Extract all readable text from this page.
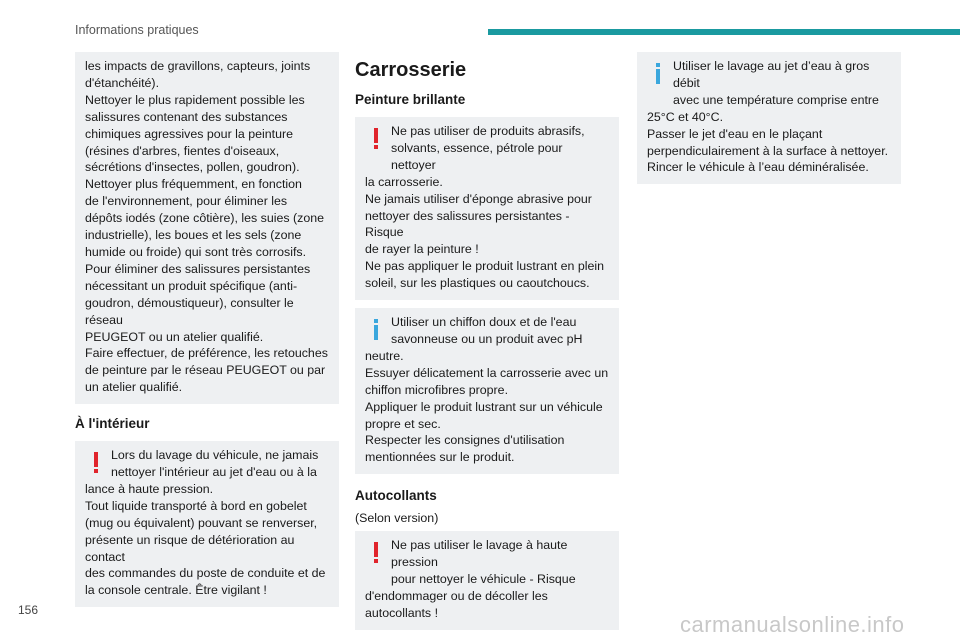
Informations pratiques

les impacts de gravillons, capteurs, joints
d'étanchéité).
Nettoyer le plus rapidement possible les
salissures contenant des substances
chimiques agressives pour la peinture
(résines d'arbres, fientes d'oiseaux,
sécrétions d'insectes, pollen, goudron).
Nettoyer plus fréquemment, en fonction
de l'environnement, pour éliminer les
dépôts iodés (zone côtière), les suies (zone
industrielle), les boues et les sels (zone
humide ou froide) qui sont très corrosifs.
Pour éliminer des salissures persistantes
nécessitant un produit spécifique (anti-
goudron, démoustiqueur), consulter le réseau
PEUGEOT ou un atelier qualifié.
Faire effectuer, de préférence, les retouches
de peinture par le réseau PEUGEOT ou par
un atelier qualifié.

À l'intérieur

Lors du lavage du véhicule, ne jamais
nettoyer l'intérieur au jet d'eau ou à la

lance à haute pression.
Tout liquide transporté à bord en gobelet
(mug ou équivalent) pouvant se renverser,
présente un risque de détérioration au contact
des commandes du poste de conduite et de
la console centrale. Être vigilant !

Carrosserie
Peinture brillante

Ne pas utiliser de produits abrasifs,
solvants, essence, pétrole pour nettoyer

la carrosserie.
Ne jamais utiliser d'éponge abrasive pour
nettoyer des salissures persistantes - Risque
de rayer la peinture !
Ne pas appliquer le produit lustrant en plein
soleil, sur les plastiques ou caoutchoucs.

Utiliser un chiffon doux et de l'eau
savonneuse ou un produit avec pH

neutre.
Essuyer délicatement la carrosserie avec un
chiffon microfibres propre.
Appliquer le produit lustrant sur un véhicule
propre et sec.
Respecter les consignes d'utilisation
mentionnées sur le produit.

Autocollants

(Selon version)

Ne pas utiliser le lavage à haute pression
pour nettoyer le véhicule - Risque

d'endommager ou de décoller les
autocollants !

Utiliser le lavage au jet d’eau à gros débit
avec une température comprise entre

25°C et 40°C.
Passer le jet d'eau en le plaçant
perpendiculairement à la surface à nettoyer.
Rincer le véhicule à l’eau déminéralisée.

156
carmanualsonline.info
